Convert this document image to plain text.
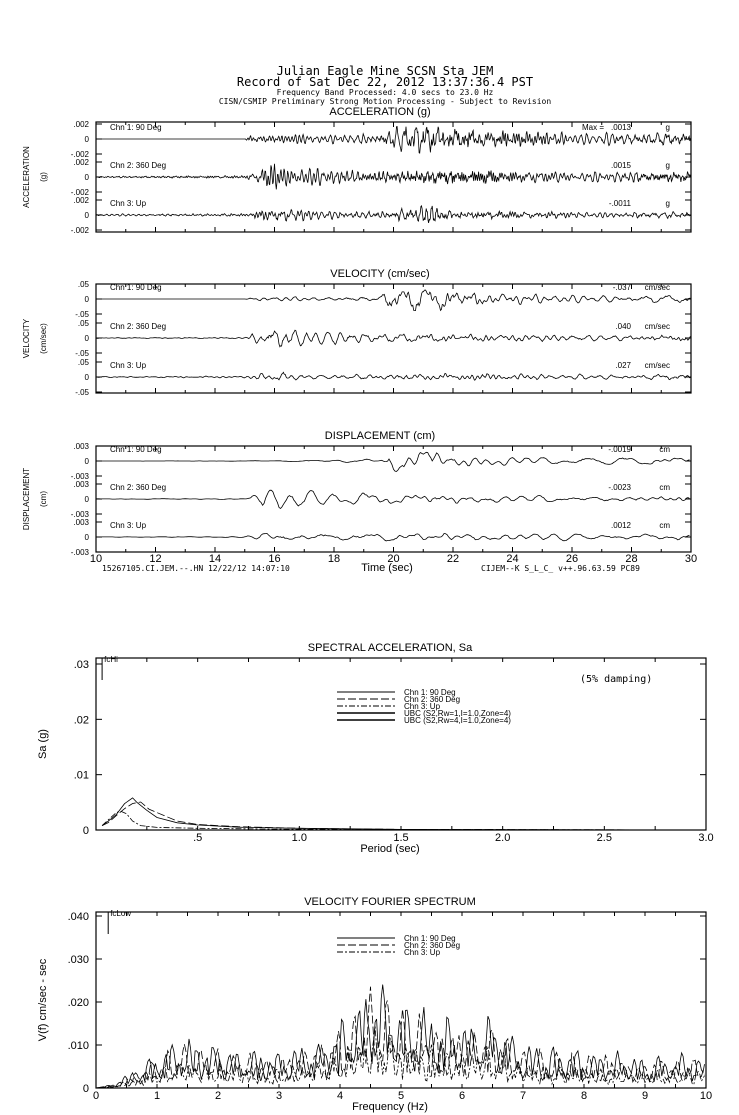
Julian Eagle Mine SCSN Sta JEM
Record of Sat Dec 22, 2012 13:37:36.4 PST
Frequency Band Processed: 4.0 secs to 23.0 Hz
CISN/CSMIP Preliminary Strong Motion Processing - Subject to Revision
ACCELERATION (g)
ACCELERATION (g)
.002
0
-.002
Chn 1: 90 Deg	Max = .0013	g
.002
0
-.002
Chn 2: 360 Deg	.0015	g
.002
0
-.002
Chn 3: Up	-.0011	g
VELOCITY (cm/sec)
VELOCITY (cm/sec)
.05
0
-.05
Chn 1: 90 Deg	-.037 cm/sec
.05
0
-.05
Chn 2: 360 Deg	.040 cm/sec
.05
0
-.05
Chn 3: Up	.027 cm/sec
DISPLACEMENT (cm)
DISPLACEMENT (cm)
.003
0
-.003
Chn 1: 90 Deg	-.0019	cm
.003
0
-.003
Chn 2: 360 Deg	-.0023	cm
.003
0
-.003
Chn 3: Up	.0012	cm
10	12	14	16	18	20	22	24	26	28	30
15267105.CI.JEM.--.HN 12/22/12 14:07:10	Time (sec)	CIJEM--K S_L_C_ v++.96.63.59 PC89
SPECTRAL ACCELERATION, Sa
.03
.02
.01
0
.5	1.0	1.5	2.0	2.5	3.0
Period (sec)
Sa (g)
fcHi
(5% damping)
Chn 1: 90 Deg
Chn 2: 360 Deg
Chn 3: Up
UBC (S2,Rw=1,I=1.0,Zone=4)
UBC (S2,Rw=4,I=1.0,Zone=4)
VELOCITY FOURIER SPECTRUM
.040
.030
.020
.010
0
0	1	2	3	4	5	6	7	8	9	10
Frequency (Hz)
V(f) cm/sec - sec
fcLow
Chn 1: 90 Deg
Chn 2: 360 Deg
Chn 3: Up
